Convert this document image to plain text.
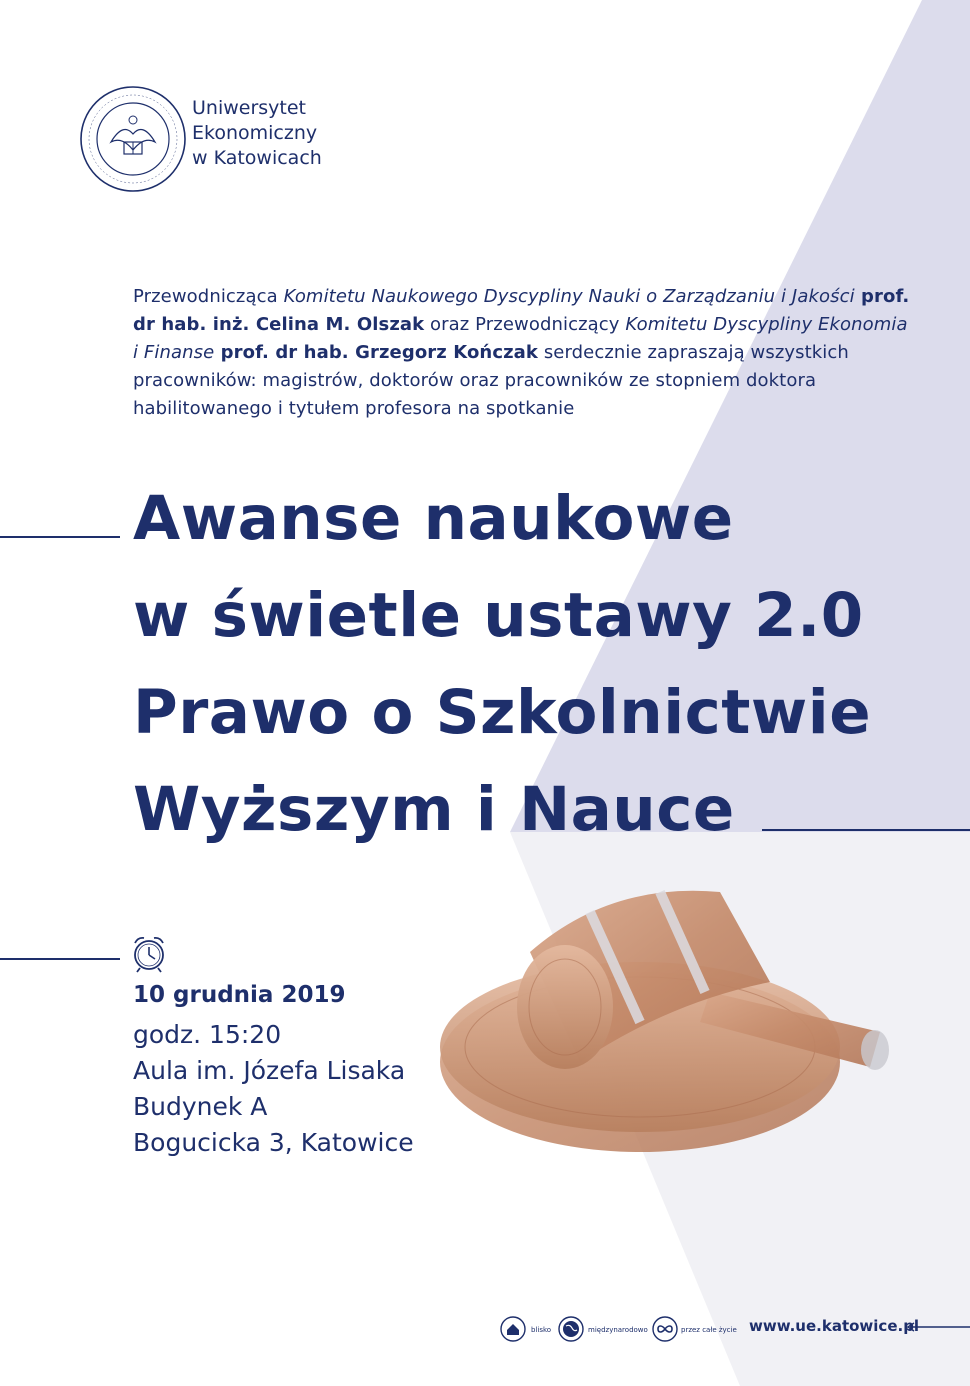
Uniwersytet
Ekonomiczny
w Katowicach
Przewodnicząca Komitetu Naukowego Dyscypliny Nauki o Zarządzaniu i Jakości prof. dr hab. inż. Celina M. Olszak oraz Przewodniczący Komitetu Dyscypliny Ekonomia i Finanse prof. dr hab. Grzegorz Kończak serdecznie zapraszają wszystkich pracowników: magistrów, doktorów oraz pracowników ze stopniem doktora habilitowanego i tytułem profesora na spotkanie
Awanse naukowe
w świetle ustawy 2.0
Prawo o Szkolnictwie
Wyższym i Nauce
10 grudnia 2019
godz. 15:20
Aula im. Józefa Lisaka
Budynek A
Bogucicka 3, Katowice
blisko	międzynarodowo	przez całe życie www.ue.katowice.pl
